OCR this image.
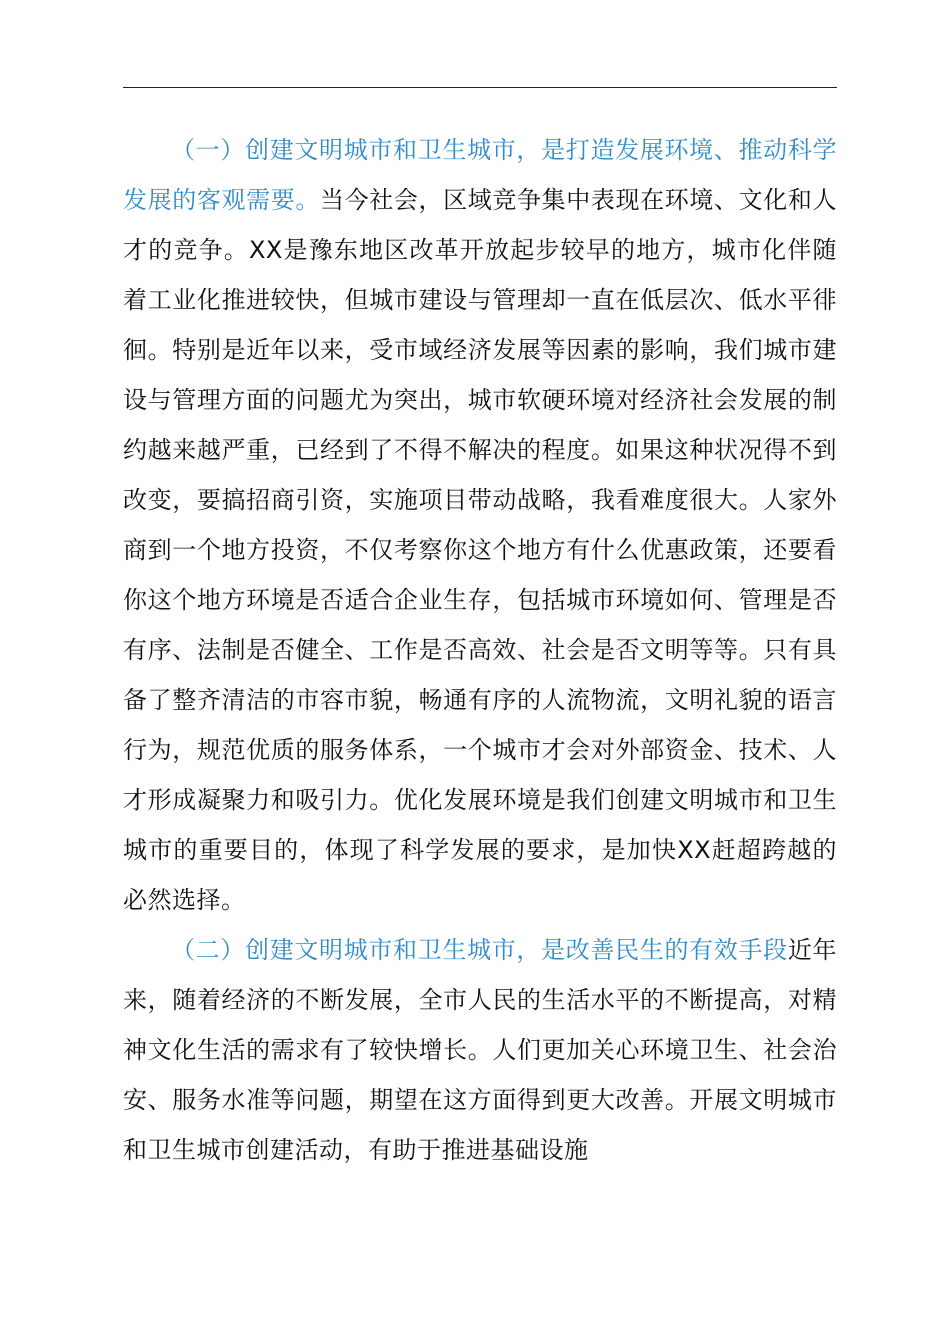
（一）创建文明城市和卫生城市，是打造发展环境、推动科学发展的客观需要。当今社会，区域竞争集中表现在环境、文化和人才的竞争。XX是豫东地区改革开放起步较早的地方，城市化伴随着工业化推进较快，但城市建设与管理却一直在低层次、低水平徘徊。特别是近年以来，受市域经济发展等因素的影响，我们城市建设与管理方面的问题尤为突出，城市软硬环境对经济社会发展的制约越来越严重，已经到了不得不解决的程度。如果这种状况得不到改变，要搞招商引资，实施项目带动战略，我看难度很大。人家外商到一个地方投资，不仅考察你这个地方有什么优惠政策，还要看你这个地方环境是否适合企业生存，包括城市环境如何、管理是否有序、法制是否健全、工作是否高效、社会是否文明等等。只有具备了整齐清洁的市容市貌，畅通有序的人流物流，文明礼貌的语言行为，规范优质的服务体系，一个城市才会对外部资金、技术、人才形成凝聚力和吸引力。优化发展环境是我们创建文明城市和卫生城市的重要目的，体现了科学发展的要求，是加快XX赶超跨越的必然选择。

（二）创建文明城市和卫生城市，是改善民生的有效手段近年来，随着经济的不断发展，全市人民的生活水平的不断提高，对精神文化生活的需求有了较快增长。人们更加关心环境卫生、社会治安、服务水准等问题，期望在这方面得到更大改善。开展文明城市和卫生城市创建活动，有助于推进基础设施
